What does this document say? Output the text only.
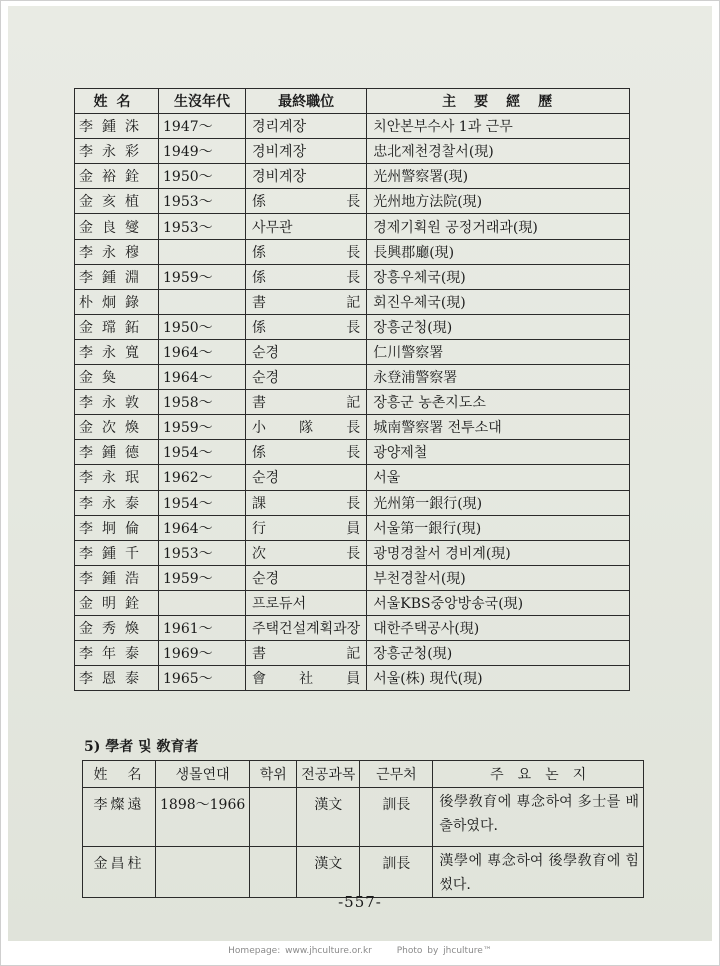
姓名	生沒年代	最終職位	主　要　經　歷
李鍾洙	1947～	경리계장	치안본부수사 1과 근무
李永彩	1949～	경비계장	忠北제천경찰서(現)
金裕銓	1950～	경비계장	光州警察署(現)
金亥植	1953～	係長	光州地方法院(現)
金良燮	1953～	사무관	경제기획원 공정거래과(現)
李永穆		係長	長興郡廳(現)
李鍾淵	1959～	係長	장흥우체국(現)
朴炯錄		書記	회진우체국(現)
金瑺鉐	1950～	係長	장흥군청(現)
李永寬	1964～	순경	仁川警察署
金奐	1964～	순경	永登浦警察署
李永敦	1958～	書記	장흥군 농촌지도소
金次煥	1959～	小隊長	城南警察署 전투소대
李鍾德	1954～	係長	광양제철
李永珉	1962～	순경	서울
李永泰	1954～	課長	光州第一銀行(現)
李坰倫	1964～	行員	서울第一銀行(現)
李鍾千	1953～	次長	광명경찰서 경비계(現)
李鍾浩	1959～	순경	부천경찰서(現)
金明銓		프로듀서	서울KBS중앙방송국(現)
金秀煥	1961～	주택건설계획과장	대한주택공사(現)
李年泰	1969～	書記	장흥군청(現)
李恩泰	1965～	會社員	서울(株) 現代(現)
5) 學者 및 敎育者
姓　名	생몰연대	학위	전공과목	근무처	주　요　논　지
李燦遠	1898～1966		漢文	訓長	後學敎育에 專念하여 多士를 배출하였다.
金昌柱			漢文	訓長	漢學에 專念하여 後學敎育에 힘썼다.
-557-
Homepage: www.jhculture.or.kr	Photo by jhculture™
